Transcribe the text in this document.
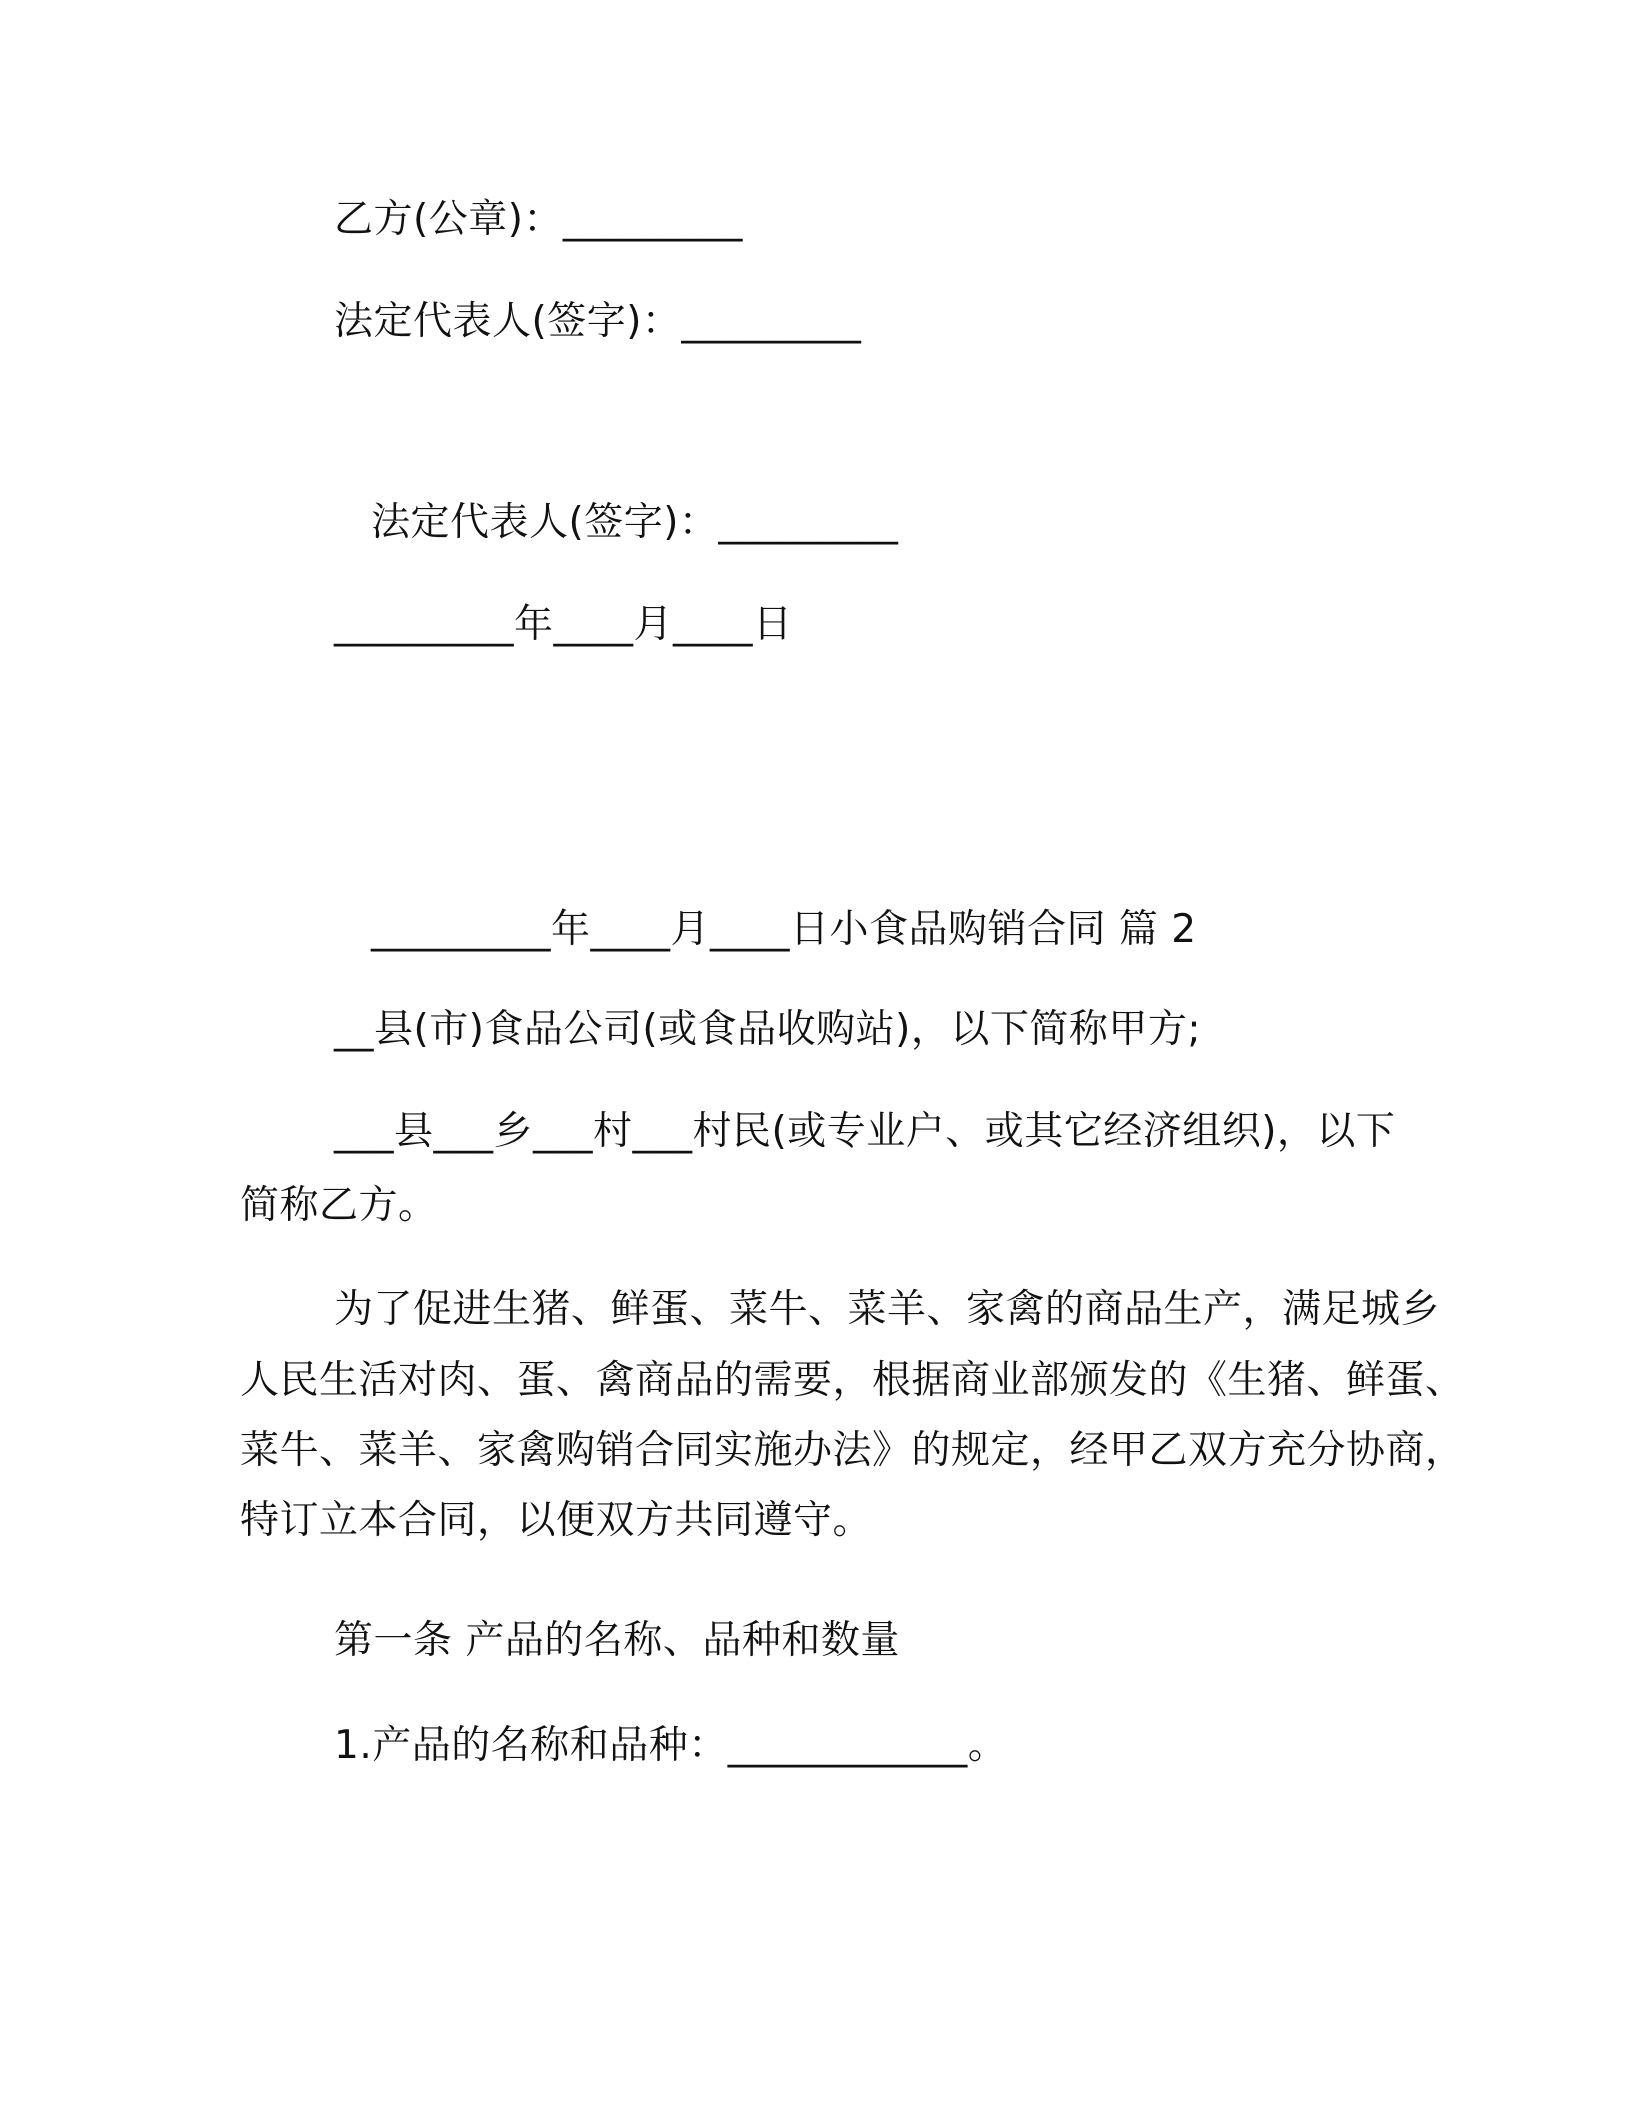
乙方(公章)：_________
法定代表人(签字)：_________
法定代表人(签字)：_________
_________年____月____日
_________年____月____日小食品购销合同 篇 2
__县(市)食品公司(或食品收购站)，以下简称甲方;
___县___乡___村___村民(或专业户、或其它经济组织)，以下
简称乙方。
为了促进生猪、鲜蛋、菜牛、菜羊、家禽的商品生产，满足城乡
人民生活对肉、蛋、禽商品的需要，根据商业部颁发的《生猪、鲜蛋、
菜牛、菜羊、家禽购销合同实施办法》的规定，经甲乙双方充分协商，
特订立本合同，以便双方共同遵守。
第一条 产品的名称、品种和数量
1.产品的名称和品种：____________。
